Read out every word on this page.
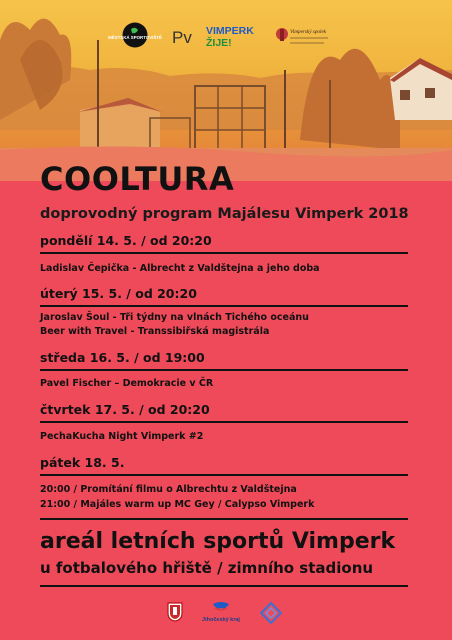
MĚSTSKÁ SPORTOVIŠTĚ Pv VIMPERK
ŽIJE!
Vimperský spolek
COOLTURA
doprovodný program Majálesu Vimperk 2018
pondělí 14. 5. / od 20:20
Ladislav Čepička - Albrecht z Valdštejna a jeho doba
úterý 15. 5. / od 20:20
Jaroslav Šoul - Tři týdny na vlnách Tichého oceánu
Beer with Travel - Transsibiřská magistrála
středa 16. 5. / od 19:00
Pavel Fischer – Demokracie v ČR
čtvrtek 17. 5. / od 20:20
PechaKucha Night Vimperk #2
pátek 18. 5.
20:00 / Promítání filmu o Albrechtu z Valdštejna
21:00 / Majáles warm up MC Gey / Calypso Vimperk
areál letních sportů Vimperk
u fotbalového hřiště / zimního stadionu
Jihočeský kraj
